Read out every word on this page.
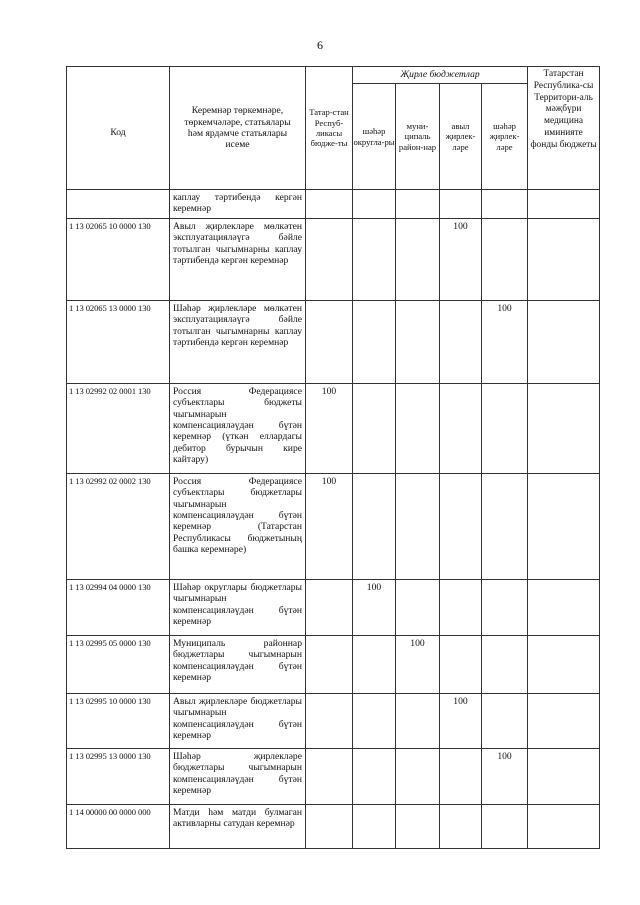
6
Код	Керемнәр төркемнәре, төркемчәләре, статьялары һәм ярдәмче статьялары исеме	Татар-стан Респуб-ликасы бюдже-ты	Җирле бюджетлар				Татарстан Республика-сы Территори-аль мәҗбүри медицина иминияте фонды бюджеты
			шәһәр округла-ры	муни-ципаль район-нар	авыл җирлек-ләре	шәһәр җирлек-ләре	
	каплау тәртибендә кергән керемнәр						
1 13 02065 10 0000 130	Авыл җирлекләре мөлкәтен эксплуатацияләүгә бәйле тотылган чыгымнарны каплау тәртибендә кергән керемнәр				100		
1 13 02065 13 0000 130	Шәһәр җирлекләре мөлкәтен эксплуатацияләүгә бәйле тотылган чыгымнарны каплау тәртибендә кергән керемнәр					100	
1 13 02992 02 0001 130	Россия Федерациясе субъектлары бюджеты чыгымнарын компенсацияләүдән бүтән керемнәр (үткән еллардагы дебитор бурычын кире кайтару)	100					
1 13 02992 02 0002 130	Россия Федерациясе субъектлары бюджетлары чыгымнарын компенсацияләүдән бүтән керемнәр (Татарстан Республикасы бюджетының башка керемнәре)	100					
1 13 02994 04 0000 130	Шәһәр округлары бюджетлары чыгымнарын компенсацияләүдән бүтән керемнәр		100				
1 13 02995 05 0000 130	Муниципаль районнар бюджетлары чыгымнарын компенсацияләүдән бүтән керемнәр			100			
1 13 02995 10 0000 130	Авыл җирлекләре бюджетлары чыгымнарын компенсацияләүдән бүтән керемнәр				100		
1 13 02995 13 0000 130	Шәһәр җирлекләре бюджетлары чыгымнарын компенсацияләүдән бүтән керемнәр					100	
1 14 00000 00 0000 000	Матди һәм матди булмаган активларны сатудан керемнәр						
